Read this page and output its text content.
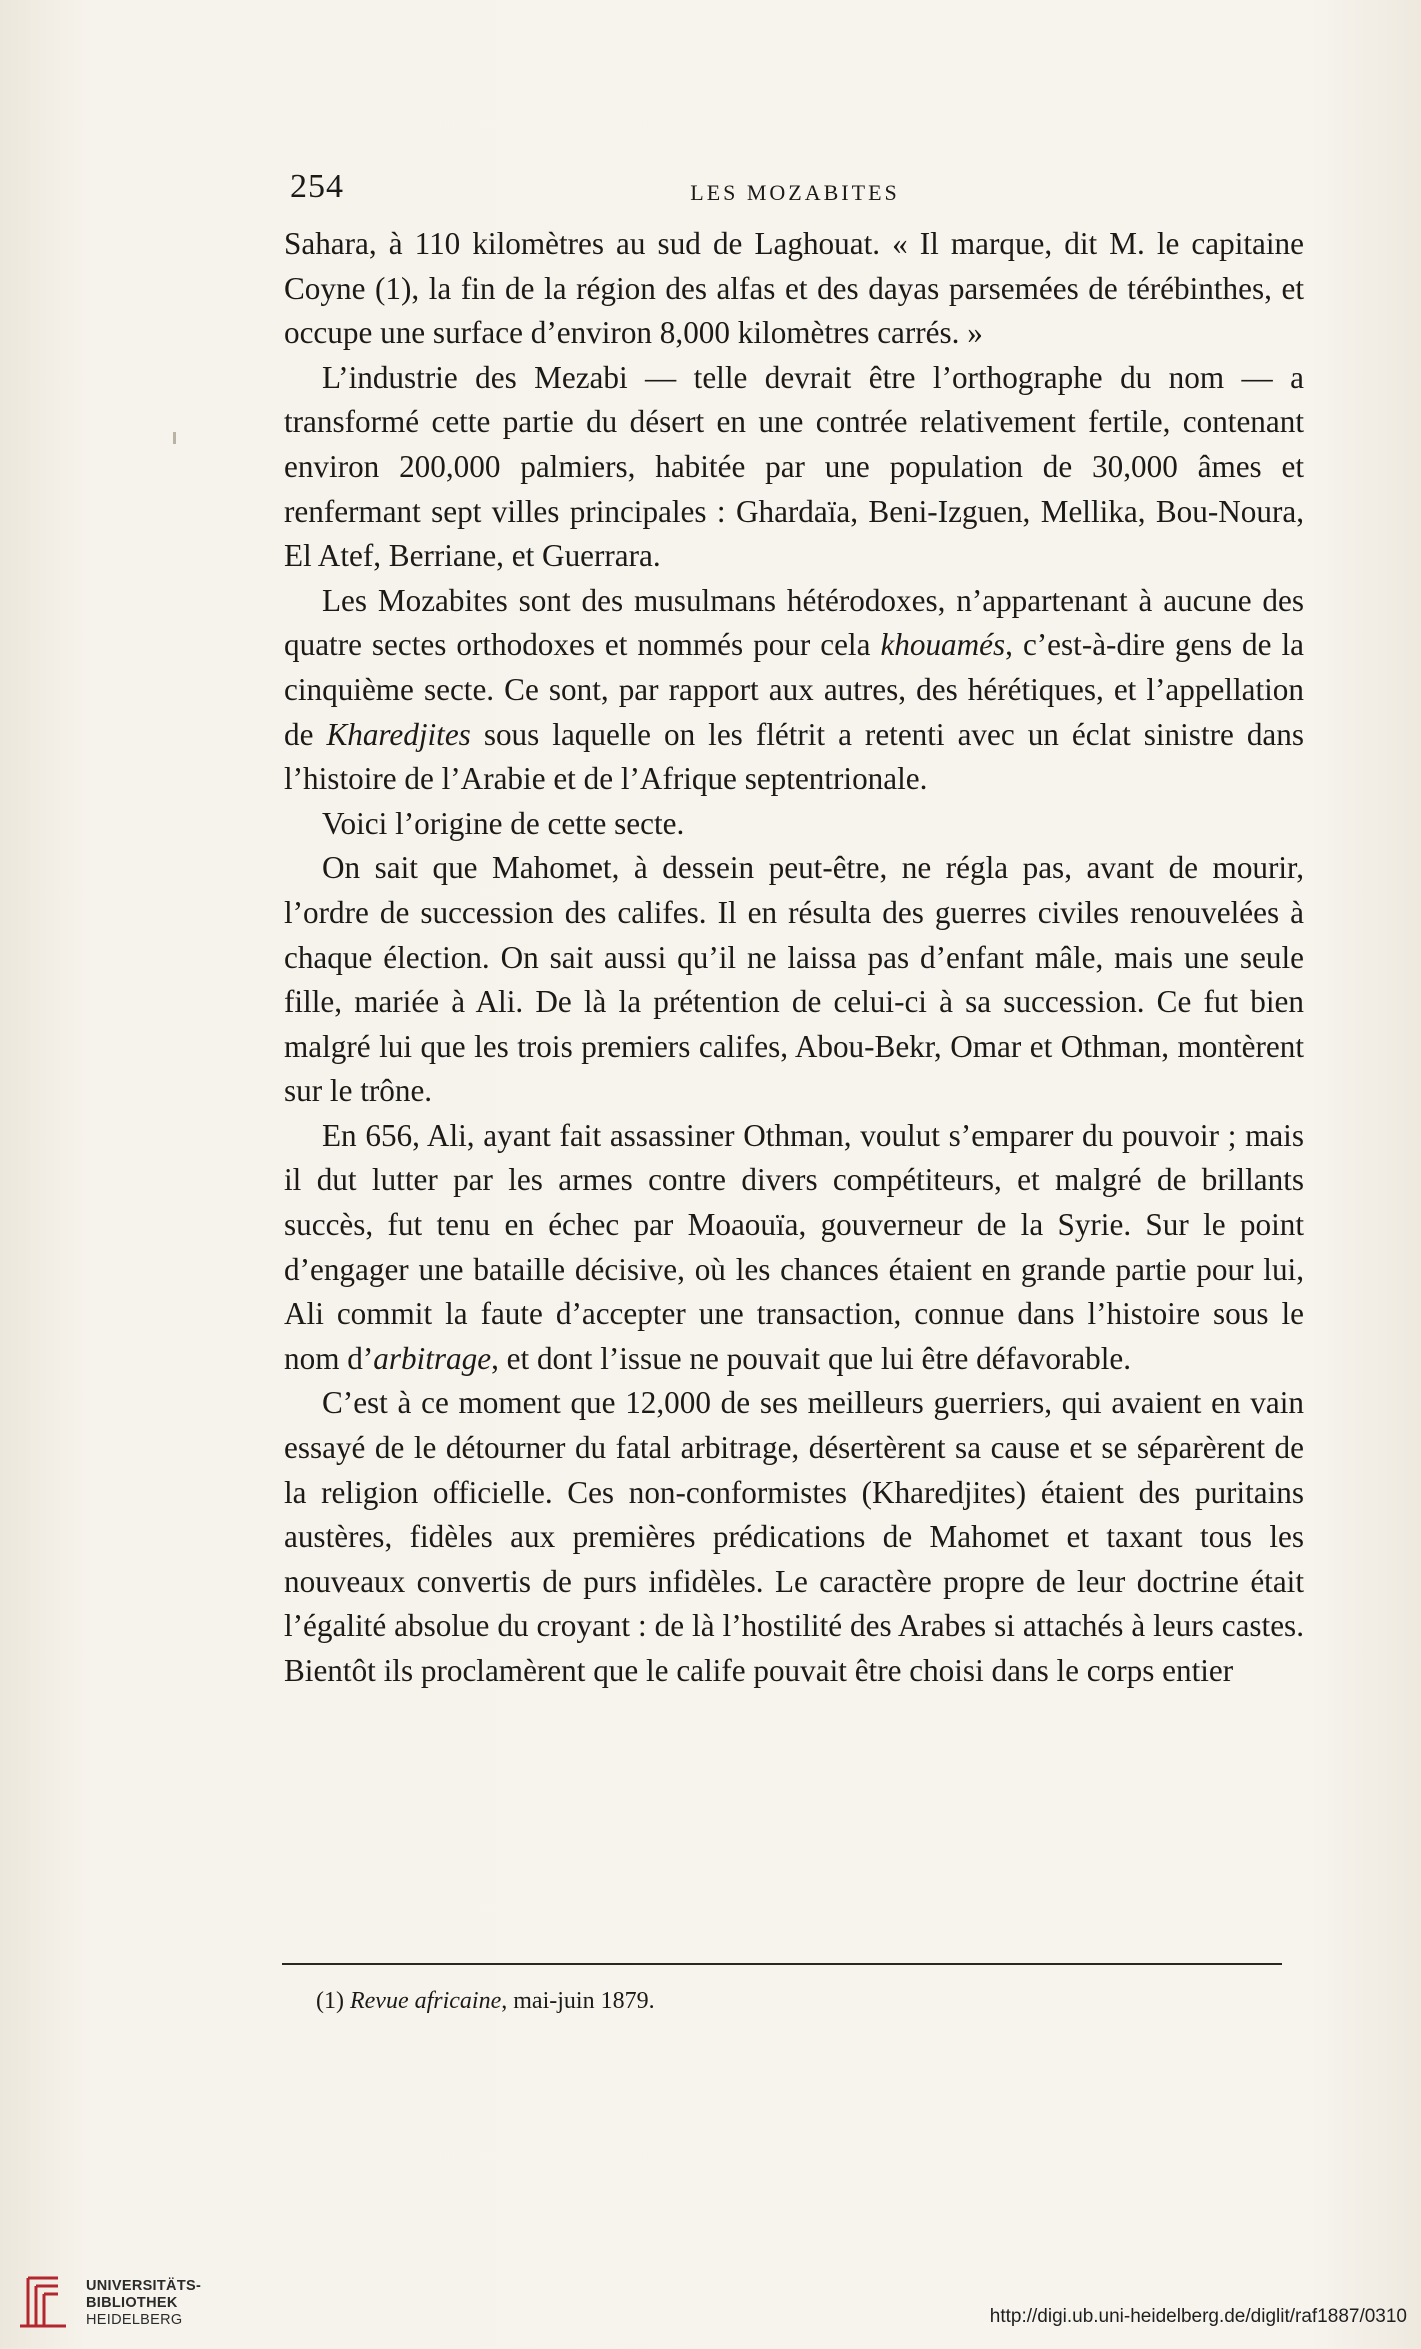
254	LES MOZABITES

Sahara, à 110 kilomètres au sud de Laghouat. « Il marque, dit M. le capitaine Coyne (1), la fin de la région des alfas et des dayas parsemées de térébinthes, et occupe une surface d’environ 8,000 kilomètres carrés. »

L’industrie des Mezabi — telle devrait être l’orthographe du nom — a transformé cette partie du désert en une contrée relativement fertile, contenant environ 200,000 palmiers, habitée par une population de 30,000 âmes et renfermant sept villes principales : Ghardaïa, Beni-Izguen, Mellika, Bou-Noura, El Atef, Berriane, et Guerrara.

Les Mozabites sont des musulmans hétérodoxes, n’appartenant à aucune des quatre sectes orthodoxes et nommés pour cela khouamés, c’est-à-dire gens de la cinquième secte. Ce sont, par rapport aux autres, des hérétiques, et l’appellation de Kharedjites sous laquelle on les flétrit a retenti avec un éclat sinistre dans l’histoire de l’Arabie et de l’Afrique septentrionale.

Voici l’origine de cette secte.

On sait que Mahomet, à dessein peut-être, ne régla pas, avant de mourir, l’ordre de succession des califes. Il en résulta des guerres civiles renouvelées à chaque élection. On sait aussi qu’il ne laissa pas d’enfant mâle, mais une seule fille, mariée à Ali. De là la prétention de celui-ci à sa succession. Ce fut bien malgré lui que les trois premiers califes, Abou-Bekr, Omar et Othman, montèrent sur le trône.

En 656, Ali, ayant fait assassiner Othman, voulut s’emparer du pouvoir ; mais il dut lutter par les armes contre divers compétiteurs, et malgré de brillants succès, fut tenu en échec par Moaouïa, gouverneur de la Syrie. Sur le point d’engager une bataille décisive, où les chances étaient en grande partie pour lui, Ali commit la faute d’accepter une transaction, connue dans l’histoire sous le nom d’arbitrage, et dont l’issue ne pouvait que lui être défavorable.

C’est à ce moment que 12,000 de ses meilleurs guerriers, qui avaient en vain essayé de le détourner du fatal arbitrage, désertèrent sa cause et se séparèrent de la religion officielle. Ces non-conformistes (Kharedjites) étaient des puritains austères, fidèles aux premières prédications de Mahomet et taxant tous les nouveaux convertis de purs infidèles. Le caractère propre de leur doctrine était l’égalité absolue du croyant : de là l’hostilité des Arabes si attachés à leurs castes. Bientôt ils proclamèrent que le calife pouvait être choisi dans le corps entier

(1) Revue africaine, mai-juin 1879.
UNIVERSITÄTS-
BIBLIOTHEK
HEIDELBERG	http://digi.ub.uni-heidelberg.de/diglit/raf1887/0310
